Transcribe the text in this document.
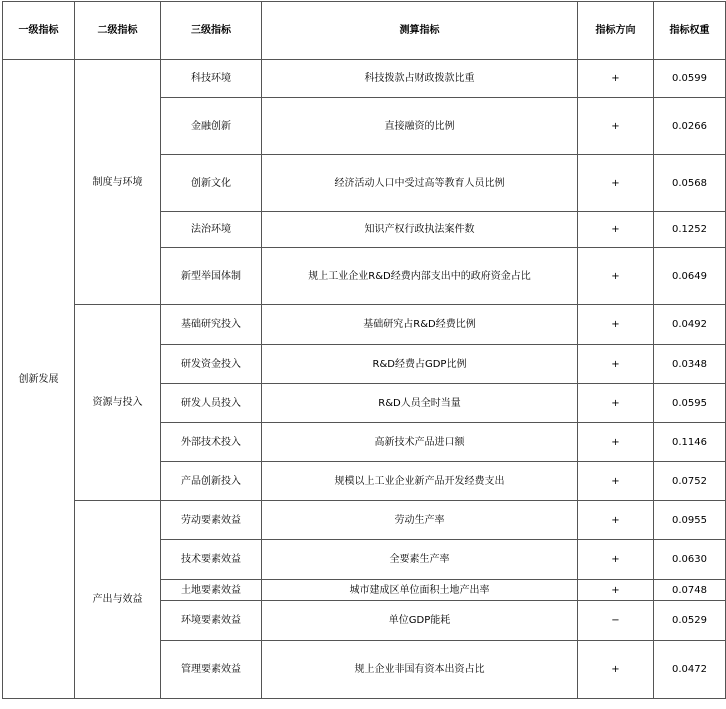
一级指标	二级指标	三级指标	测算指标	指标方向	指标权重
创新发展	制度与环境	科技环境	科技拨款占财政拨款比重	+	0.0599
		金融创新	直接融资的比例	+	0.0266
		创新文化	经济活动人口中受过高等教育人员比例	+	0.0568
		法治环境	知识产权行政执法案件数	+	0.1252
		新型举国体制	规上工业企业R&D经费内部支出中的政府资金占比	+	0.0649
	资源与投入	基础研究投入	基础研究占R&D经费比例	+	0.0492
		研发资金投入	R&D经费占GDP比例	+	0.0348
		研发人员投入	R&D人员全时当量	+	0.0595
		外部技术投入	高新技术产品进口额	+	0.1146
		产品创新投入	规模以上工业企业新产品开发经费支出	+	0.0752
	产出与效益	劳动要素效益	劳动生产率	+	0.0955
		技术要素效益	全要素生产率	+	0.0630
		土地要素效益	城市建成区单位面积土地产出率	+	0.0748
		环境要素效益	单位GDP能耗	−	0.0529
		管理要素效益	规上企业非国有资本出资占比	+	0.0472
